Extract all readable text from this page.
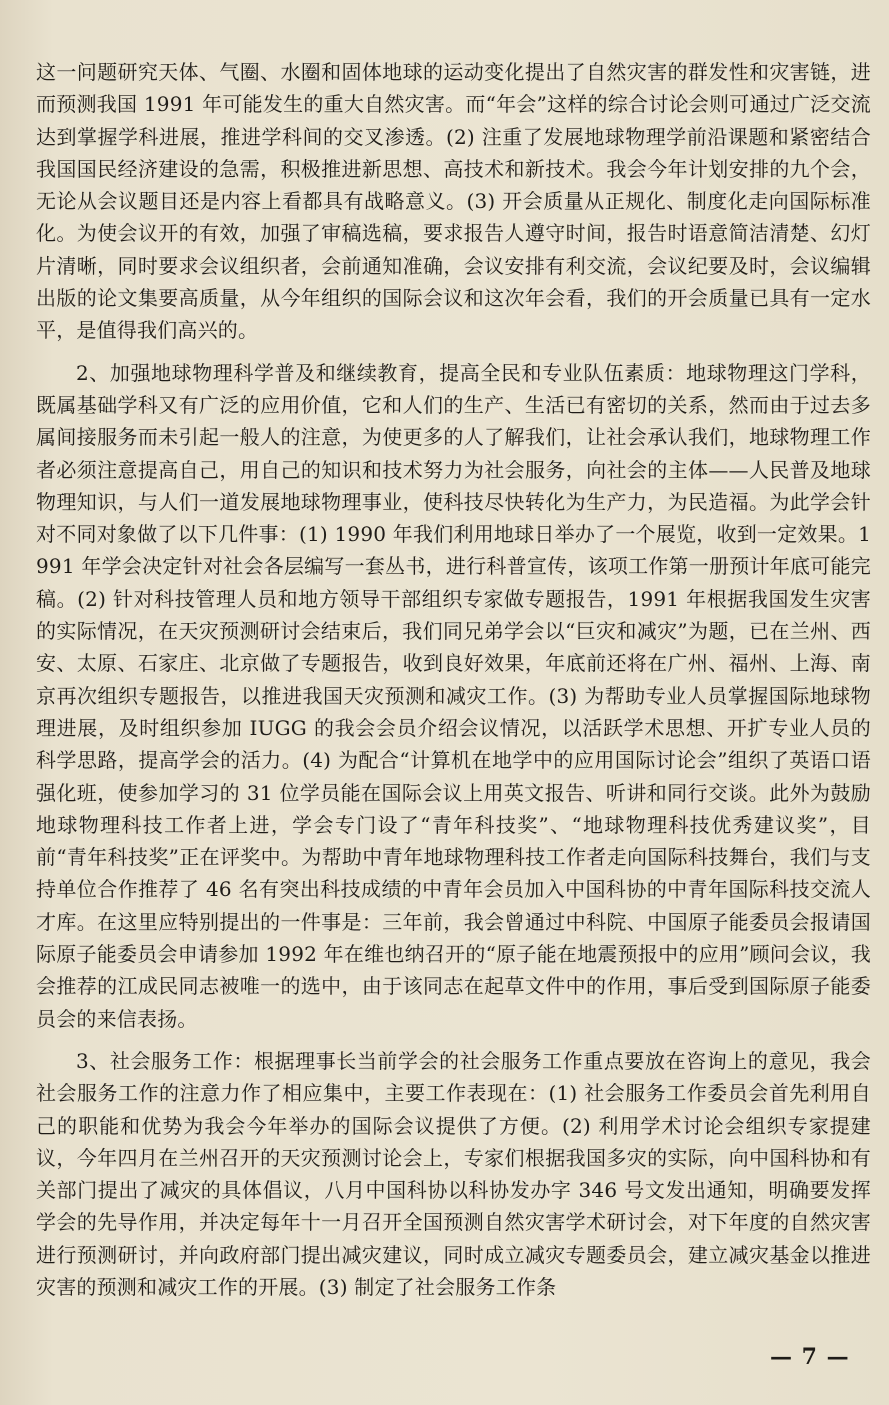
这一问题研究天体、气圈、水圈和固体地球的运动变化提出了自然灾害的群发性和灾害链，进而预测我国 1991 年可能发生的重大自然灾害。而“年会”这样的综合讨论会则可通过广泛交流达到掌握学科进展，推进学科间的交叉渗透。(2) 注重了发展地球物理学前沿课题和紧密结合我国国民经济建设的急需，积极推进新思想、高技术和新技术。我会今年计划安排的九个会，无论从会议题目还是内容上看都具有战略意义。(3) 开会质量从正规化、制度化走向国际标准化。为使会议开的有效，加强了审稿选稿，要求报告人遵守时间，报告时语意简洁清楚、幻灯片清晰，同时要求会议组织者，会前通知准确，会议安排有利交流，会议纪要及时，会议编辑出版的论文集要高质量，从今年组织的国际会议和这次年会看，我们的开会质量已具有一定水平，是值得我们高兴的。

2、加强地球物理科学普及和继续教育，提高全民和专业队伍素质：地球物理这门学科，既属基础学科又有广泛的应用价值，它和人们的生产、生活已有密切的关系，然而由于过去多属间接服务而未引起一般人的注意，为使更多的人了解我们，让社会承认我们，地球物理工作者必须注意提高自己，用自己的知识和技术努力为社会服务，向社会的主体——人民普及地球物理知识，与人们一道发展地球物理事业，使科技尽快转化为生产力，为民造福。为此学会针对不同对象做了以下几件事：(1) 1990 年我们利用地球日举办了一个展览，收到一定效果。1991 年学会决定针对社会各层编写一套丛书，进行科普宣传，该项工作第一册预计年底可能完稿。(2) 针对科技管理人员和地方领导干部组织专家做专题报告，1991 年根据我国发生灾害的实际情况，在天灾预测研讨会结束后，我们同兄弟学会以“巨灾和减灾”为题，已在兰州、西安、太原、石家庄、北京做了专题报告，收到良好效果，年底前还将在广州、福州、上海、南京再次组织专题报告，以推进我国天灾预测和减灾工作。(3) 为帮助专业人员掌握国际地球物理进展，及时组织参加 IUGG 的我会会员介绍会议情况，以活跃学术思想、开扩专业人员的科学思路，提高学会的活力。(4) 为配合“计算机在地学中的应用国际讨论会”组织了英语口语强化班，使参加学习的 31 位学员能在国际会议上用英文报告、听讲和同行交谈。此外为鼓励地球物理科技工作者上进，学会专门设了“青年科技奖”、“地球物理科技优秀建议奖”，目前“青年科技奖”正在评奖中。为帮助中青年地球物理科技工作者走向国际科技舞台，我们与支持单位合作推荐了 46 名有突出科技成绩的中青年会员加入中国科协的中青年国际科技交流人才库。在这里应特别提出的一件事是：三年前，我会曾通过中科院、中国原子能委员会报请国际原子能委员会申请参加 1992 年在维也纳召开的“原子能在地震预报中的应用”顾问会议，我会推荐的江成民同志被唯一的选中，由于该同志在起草文件中的作用，事后受到国际原子能委员会的来信表扬。

3、社会服务工作：根据理事长当前学会的社会服务工作重点要放在咨询上的意见，我会社会服务工作的注意力作了相应集中，主要工作表现在：(1) 社会服务工作委员会首先利用自己的职能和优势为我会今年举办的国际会议提供了方便。(2) 利用学术讨论会组织专家提建议，今年四月在兰州召开的天灾预测讨论会上，专家们根据我国多灾的实际，向中国科协和有关部门提出了减灾的具体倡议，八月中国科协以科协发办字 346 号文发出通知，明确要发挥学会的先导作用，并决定每年十一月召开全国预测自然灾害学术研讨会，对下年度的自然灾害进行预测研讨，并向政府部门提出减灾建议，同时成立减灾专题委员会，建立减灾基金以推进灾害的预测和减灾工作的开展。(3) 制定了社会服务工作条

— 7 —
